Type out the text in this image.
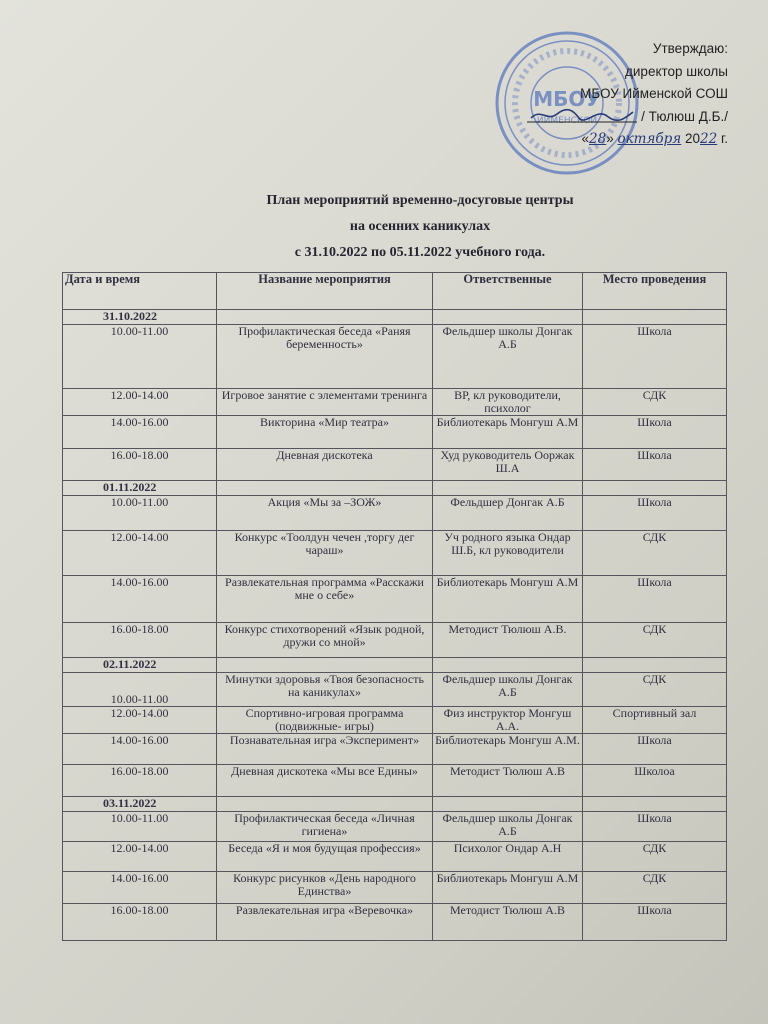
МБОУ
ИЙМЕНСКОЙ
Утверждаю:
директор школы
МБОУ Ийменской СОШ
/ Тюлюш Д.Б./
«28» октября 2022 г.
План мероприятий временно-досуговые центры
на осенних каникулах
с 31.10.2022 по 05.11.2022 учебного года.
Дата и время	Название мероприятия	Ответственные	Место проведения
31.10.2022			
10.00-11.00	Профилактическая беседа «Раняя беременность»	Фельдшер школы Донгак А.Б	Школа
12.00-14.00	Игровое занятие с элементами тренинга	ВР, кл руководители, психолог	СДК
14.00-16.00	Викторина «Мир театра»	Библиотекарь Монгуш А.М	Школа
16.00-18.00	Дневная дискотека	Худ руководитель Ооржак Ш.А	Школа
01.11.2022			
10.00-11.00	Акция «Мы за –ЗОЖ»	Фельдшер Донгак А.Б	Школа
12.00-14.00	Конкурс «Тоолдун чечен ,торгу дег чараш»	Уч родного языка Ондар Ш.Б, кл руководители	СДК
14.00-16.00	Развлекательная программа «Расскажи мне о себе»	Библиотекарь Монгуш А.М	Школа
16.00-18.00	Конкурс стихотворений «Язык родной, дружи со мной»	Методист Тюлюш А.В.	СДК
02.11.2022			
10.00-11.00	Минутки здоровья «Твоя безопасность на каникулах»	Фельдшер школы Донгак А.Б	СДК
12.00-14.00	Спортивно-игровая программа (подвижные- игры)	Физ инструктор Монгуш А.А.	Спортивный зал
14.00-16.00	Познавательная игра «Эксперимент»	Библиотекарь Монгуш А.М.	Школа
16.00-18.00	Дневная дискотека «Мы все Едины»	Методист Тюлюш А.В	Школоа
03.11.2022			
10.00-11.00	Профилактическая беседа «Личная гигиена»	Фельдшер школы Донгак А.Б	Школа
12.00-14.00	Беседа «Я и моя будущая профессия»	Психолог Ондар А.Н	СДК
14.00-16.00	Конкурс рисунков «День народного Единства»	Библиотекарь Монгуш А.М	СДК
16.00-18.00	Развлекательная игра «Веревочка»	Методист Тюлюш А.В	Школа
